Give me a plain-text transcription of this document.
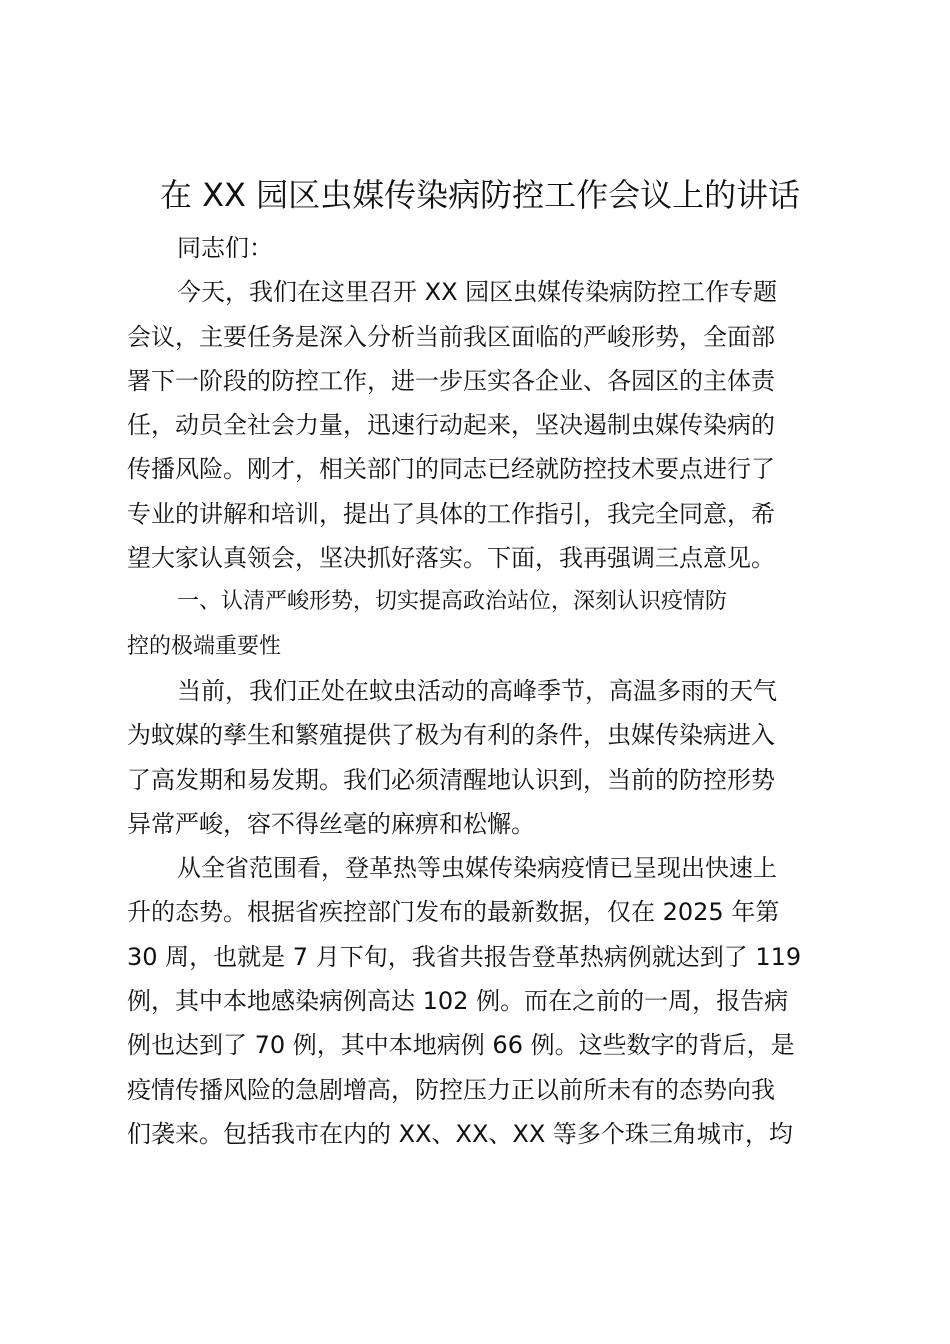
在 XX 园区虫媒传染病防控工作会议上的讲话

同志们：

今天，我们在这里召开 XX 园区虫媒传染病防控工作专题

会议，主要任务是深入分析当前我区面临的严峻形势，全面部

署下一阶段的防控工作，进一步压实各企业、各园区的主体责

任，动员全社会力量，迅速行动起来，坚决遏制虫媒传染病的

传播风险。刚才，相关部门的同志已经就防控技术要点进行了

专业的讲解和培训，提出了具体的工作指引，我完全同意，希

望大家认真领会，坚决抓好落实。下面，我再强调三点意见。

一、认清严峻形势，切实提高政治站位，深刻认识疫情防

控的极端重要性

当前，我们正处在蚊虫活动的高峰季节，高温多雨的天气

为蚊媒的孳生和繁殖提供了极为有利的条件，虫媒传染病进入

了高发期和易发期。我们必须清醒地认识到，当前的防控形势

异常严峻，容不得丝毫的麻痹和松懈。

从全省范围看，登革热等虫媒传染病疫情已呈现出快速上

升的态势。根据省疾控部门发布的最新数据，仅在 2025 年第

30 周，也就是 7 月下旬，我省共报告登革热病例就达到了 119

例，其中本地感染病例高达 102 例。而在之前的一周，报告病

例也达到了 70 例，其中本地病例 66 例。这些数字的背后，是

疫情传播风险的急剧增高，防控压力正以前所未有的态势向我

们袭来。包括我市在内的 XX、XX、XX 等多个珠三角城市，均
